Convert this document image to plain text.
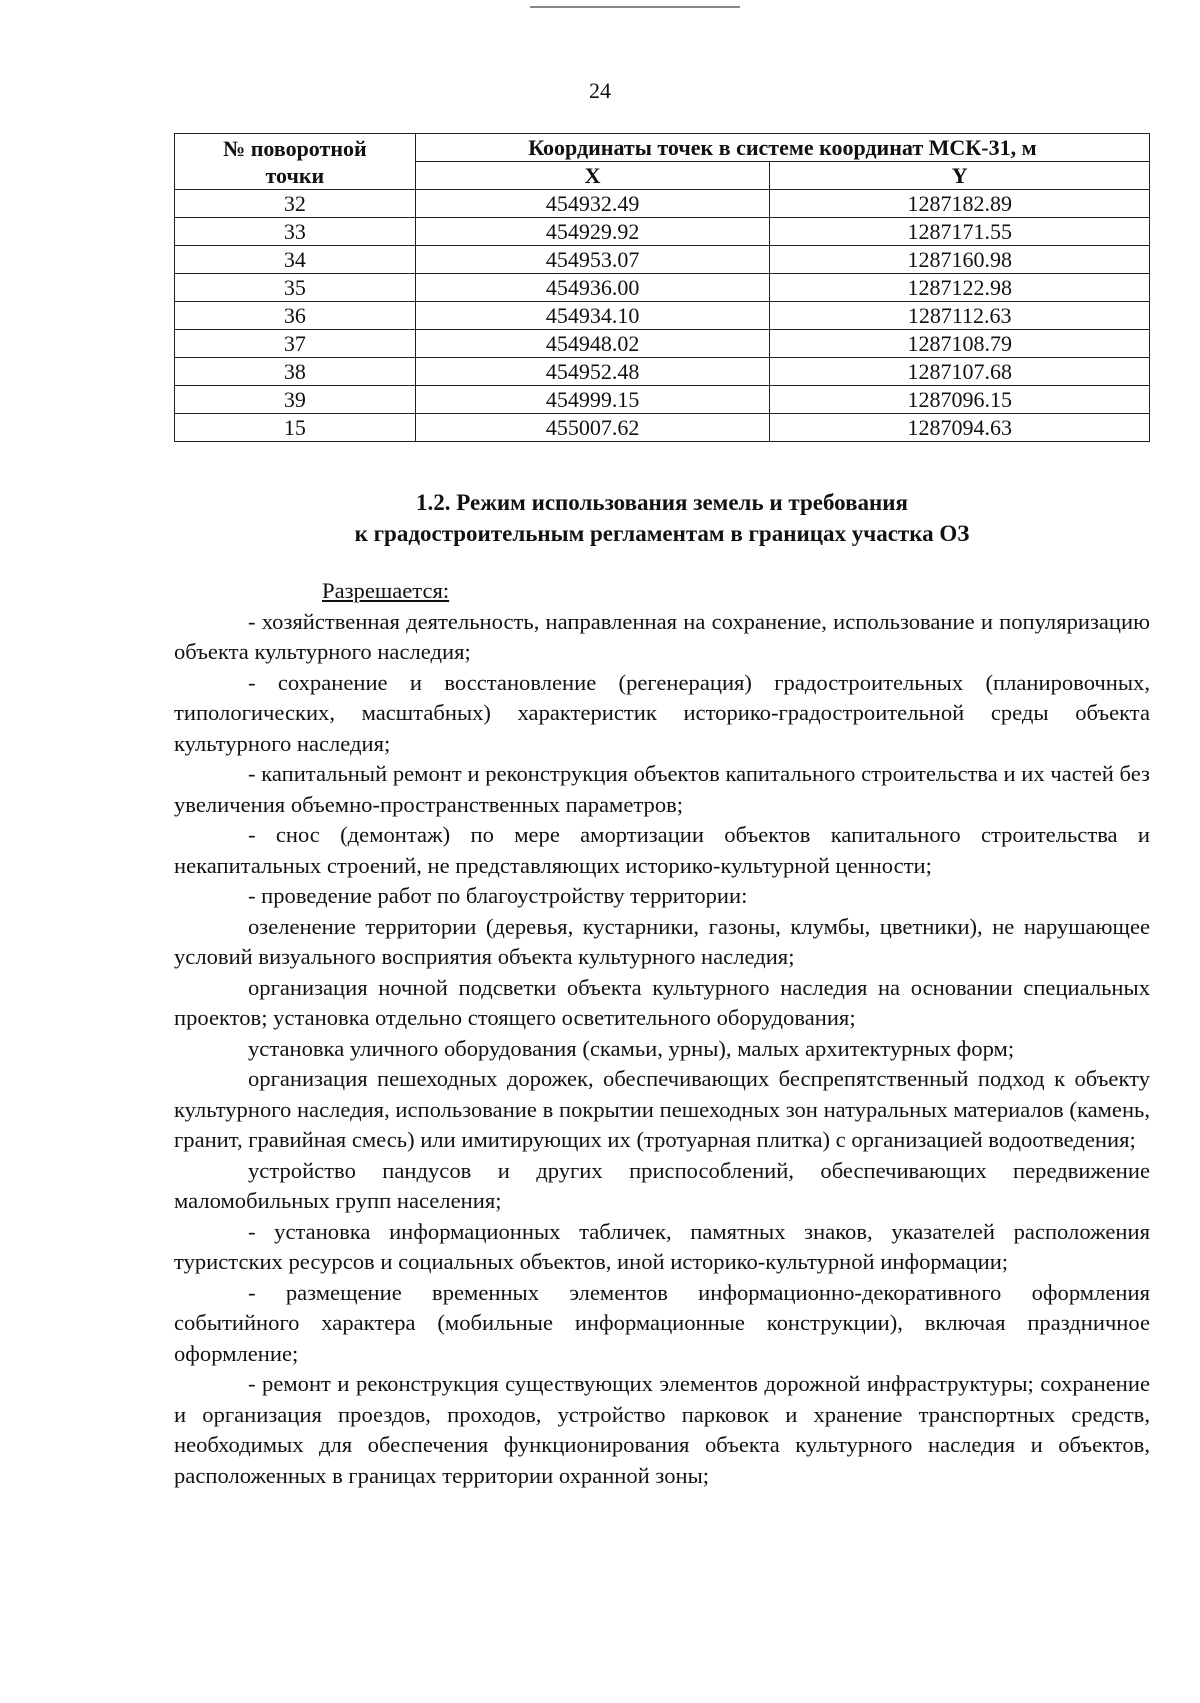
24
№ поворотной
точки	Координаты точек в системе координат МСК-31, м	
	X	Y
32	454932.49	1287182.89
33	454929.92	1287171.55
34	454953.07	1287160.98
35	454936.00	1287122.98
36	454934.10	1287112.63
37	454948.02	1287108.79
38	454952.48	1287107.68
39	454999.15	1287096.15
15	455007.62	1287094.63
1.2. Режим использования земель и требования
к градостроительным регламентам в границах участка ОЗ

Разрешается:

- хозяйственная деятельность, направленная на сохранение, использование и популяризацию объекта культурного наследия;

- сохранение и восстановление (регенерация) градостроительных (планировочных, типологических, масштабных) характеристик историко-градостроительной среды объекта культурного наследия;

- капитальный ремонт и реконструкция объектов капитального строительства и их частей без увеличения объемно-пространственных параметров;

- снос (демонтаж) по мере амортизации объектов капитального строительства и некапитальных строений, не представляющих историко-культурной ценности;

- проведение работ по благоустройству территории:

озеленение территории (деревья, кустарники, газоны, клумбы, цветники), не нарушающее условий визуального восприятия объекта культурного наследия;

организация ночной подсветки объекта культурного наследия на основании специальных проектов; установка отдельно стоящего осветительного оборудования;

установка уличного оборудования (скамьи, урны), малых архитектурных форм;

организация пешеходных дорожек, обеспечивающих беспрепятственный подход к объекту культурного наследия, использование в покрытии пешеходных зон натуральных материалов (камень, гранит, гравийная смесь) или имитирующих их (тротуарная плитка) с организацией водоотведения;

устройство пандусов и других приспособлений, обеспечивающих передвижение маломобильных групп населения;

- установка информационных табличек, памятных знаков, указателей расположения туристских ресурсов и социальных объектов, иной историко-культурной информации;

- размещение временных элементов информационно-декоративного оформления событийного характера (мобильные информационные конструкции), включая праздничное оформление;

- ремонт и реконструкция существующих элементов дорожной инфраструктуры; сохранение и организация проездов, проходов, устройство парковок и хранение транспортных средств, необходимых для обеспечения функционирования объекта культурного наследия и объектов, расположенных в границах территории охранной зоны;
